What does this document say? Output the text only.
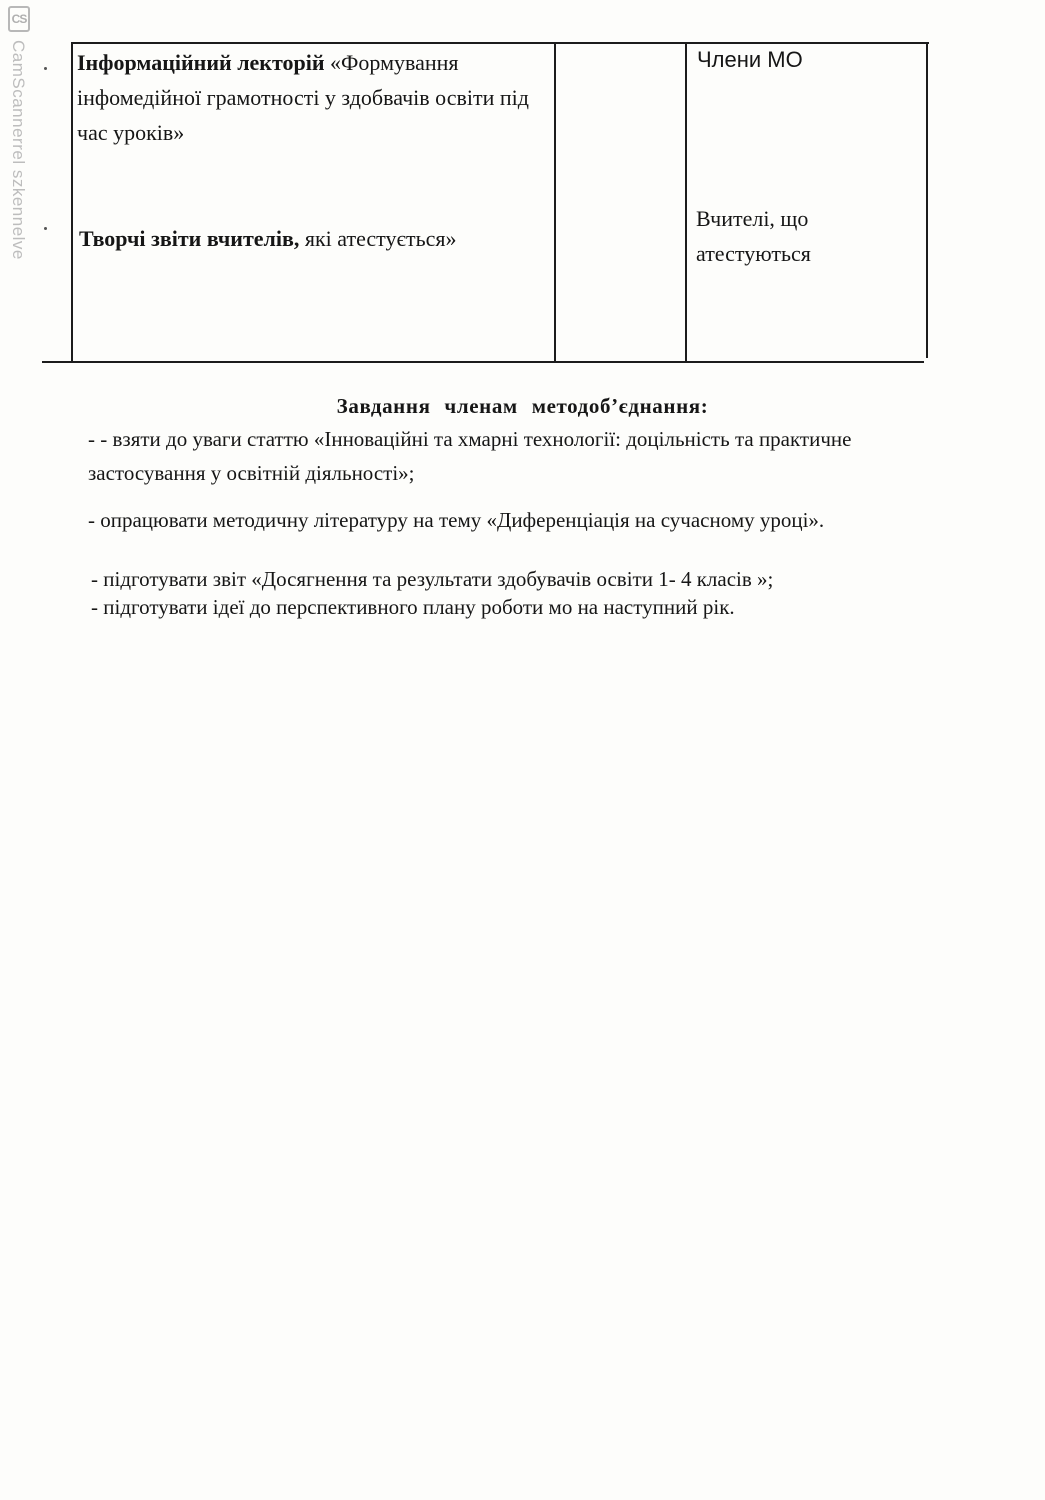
CS
CamScannerrel szkennelve Інформаційний лекторій «Формування інфомедійної грамотності у здобвачів освіти під час уроків»
Члени МО
Творчі звіти вчителів, які атестується»
Вчителі, що атестуються
Завдання членам методоб’єднання:
- - взяти до уваги статтю «Інноваційні та хмарні технології: доцільність та практичне застосування у освітній діяльності»;
- опрацювати методичну літературу на тему «Диференціація на сучасному уроці».
- підготувати звіт «Досягнення та результати здобувачів освіти 1- 4 класів »;
- підготувати ідеї до перспективного плану роботи мо на наступний рік.
